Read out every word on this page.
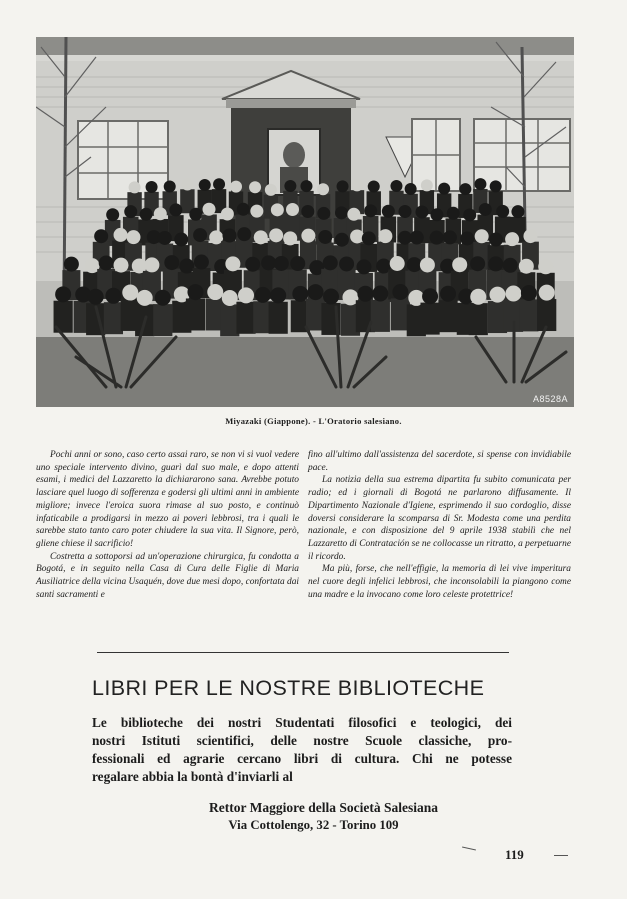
A8528A
Miyazaki (Giappone). - L'Oratorio salesiano.

Pochi anni or sono, caso certo assai raro, se non vi si vuol vedere uno speciale intervento divino, guarì dal suo male, e dopo attenti esami, i medici del Lazzaretto la dichiararono sana. Avrebbe potuto lasciare quel luogo di sofferenza e godersi gli ultimi anni in ambiente migliore; invece l'eroica suora rimase al suo posto, e continuò infaticabile a prodigarsi in mezzo ai poveri lebbrosi, tra i quali le sarebbe stato tanto caro poter chiudere la sua vita. Il Signore, però, gliene chiese il sacrificio!

Costretta a sottoporsi ad un'operazione chirurgica, fu condotta a Bogotá, e in seguito nella Casa di Cura delle Figlie di Maria Ausiliatrice della vicina Usaquén, dove due mesi dopo, confortata dai santi sacramenti e

fino all'ultimo dall'assistenza del sacerdote, si spense con invidiabile pace.

La notizia della sua estrema dipartita fu subito comunicata per radio; ed i giornali di Bogotá ne parlarono diffusamente. Il Dipartimento Nazionale d'Igiene, esprimendo il suo cordoglio, disse doversi considerare la scomparsa di Sr. Modesta come una perdita nazionale, e con disposizione del 9 aprile 1938 stabilì che nel Lazzaretto di Contratación se ne collocasse un ritratto, a perpetuarne il ricordo.

Ma più, forse, che nell'effigie, la memoria di lei vive imperitura nel cuore degli infelici lebbrosi, che inconsolabili la piangono come una madre e la invocano come loro celeste protettrice!

LIBRI PER LE NOSTRE BIBLIOTECHE
Le biblioteche dei nostri Studentati filosofici e teologici, dei
nostri Istituti scientifici, delle nostre Scuole classiche, pro-
fessionali ed agrarie cercano libri di cultura. Chi ne potesse
regalare abbia la bontà d'inviarli al
Rettor Maggiore della Società Salesiana
Via Cottolengo, 32 - Torino 109
119
